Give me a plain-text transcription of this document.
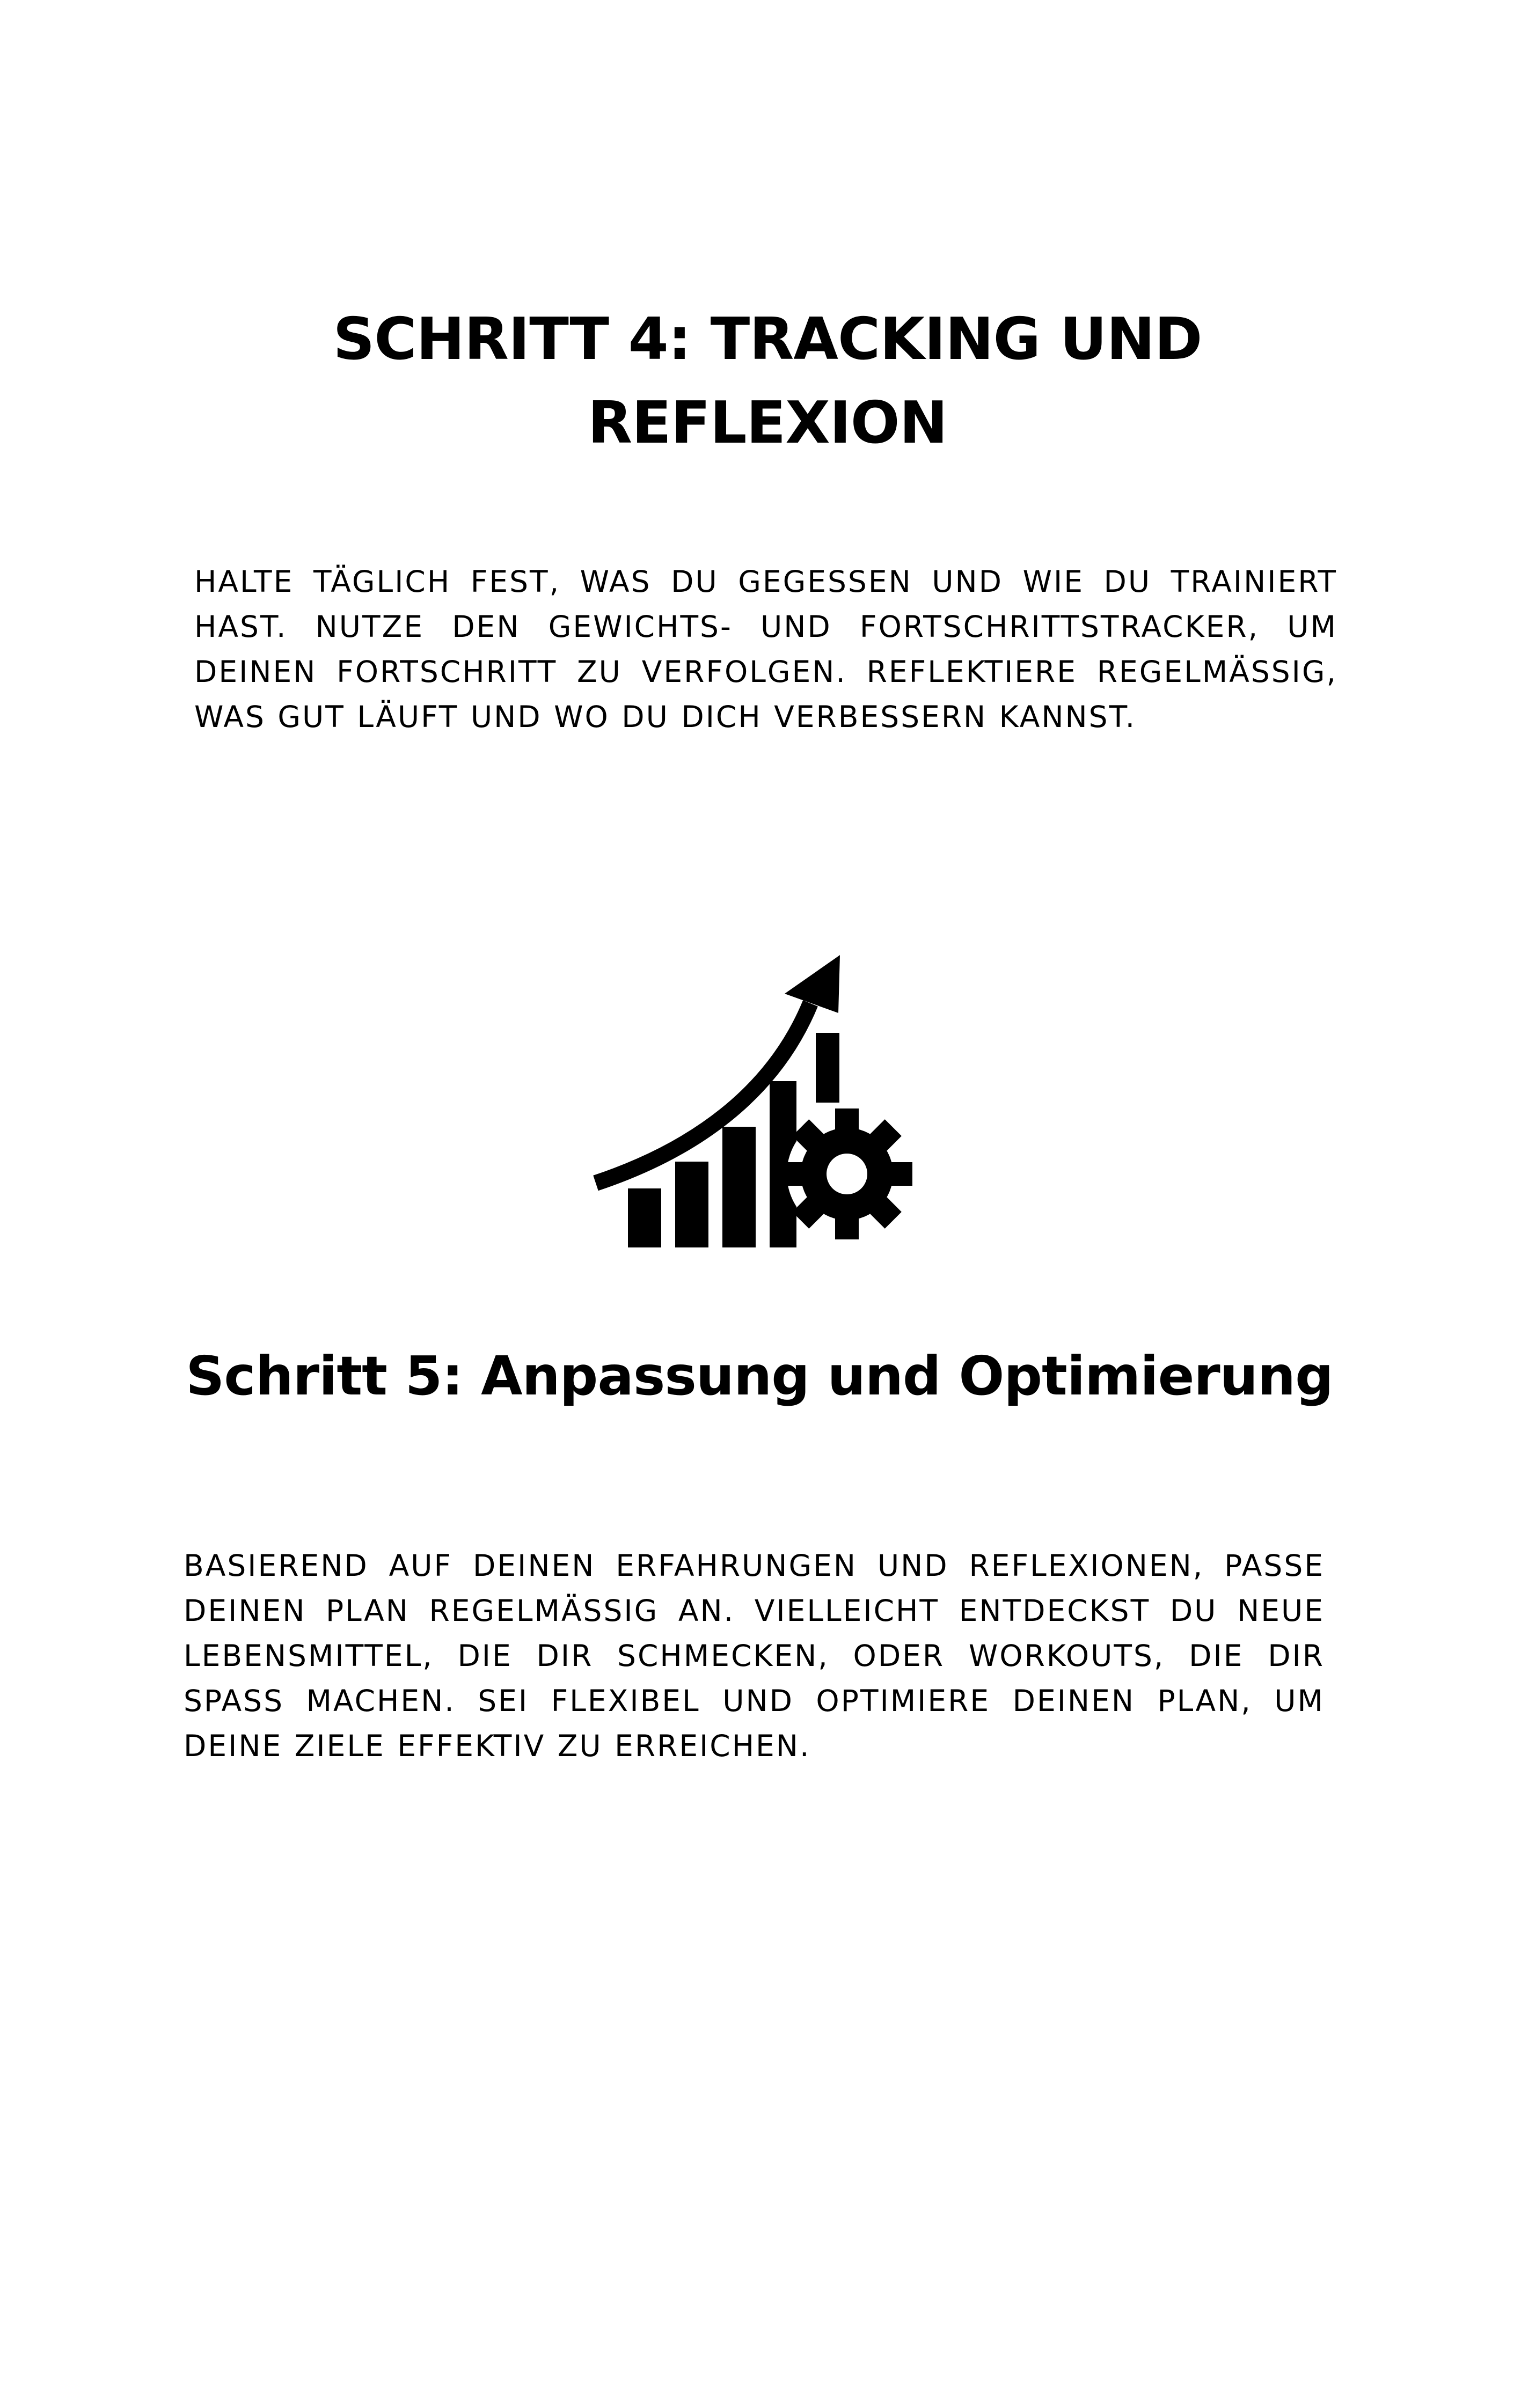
SCHRITT 4: TRACKING UND REFLEXION

HALTE TÄGLICH FEST, WAS DU GEGESSEN UND WIE DU TRAINIERT HAST. NUTZE DEN GEWICHTS- UND FORTSCHRITTSTRACKER, UM DEINEN FORTSCHRITT ZU VERFOLGEN. REFLEKTIERE REGELMÄSSIG, WAS GUT LÄUFT UND WO DU DICH VERBESSERN KANNST.

Schritt 5: Anpassung und Optimierung

BASIEREND AUF DEINEN ERFAHRUNGEN UND REFLEXIONEN, PASSE DEINEN PLAN REGELMÄSSIG AN. VIELLEICHT ENTDECKST DU NEUE LEBENSMITTEL, DIE DIR SCHMECKEN, ODER WORKOUTS, DIE DIR SPASS MACHEN. SEI FLEXIBEL UND OPTIMIERE DEINEN PLAN, UM DEINE ZIELE EFFEKTIV ZU ERREICHEN.
